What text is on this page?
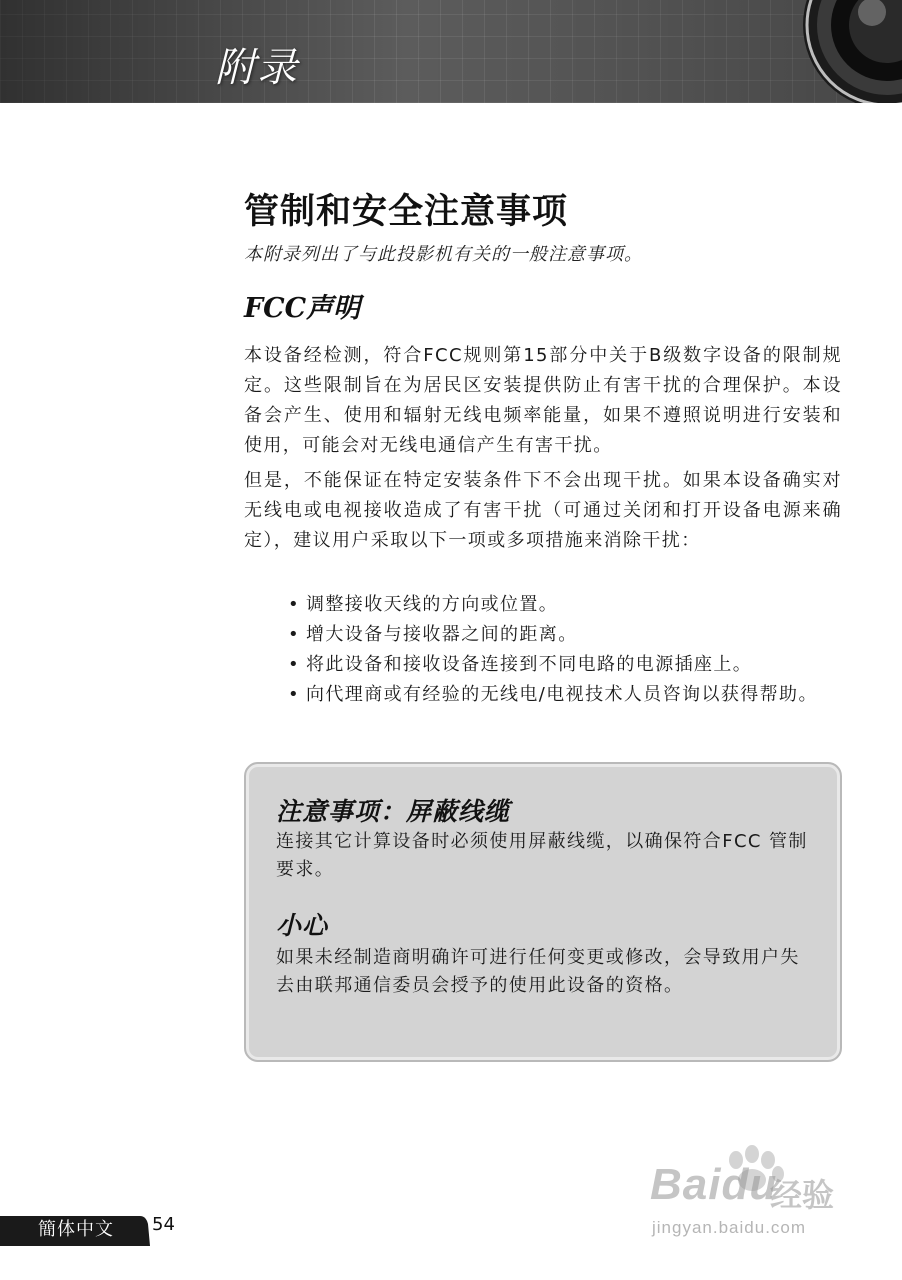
附录
管制和安全注意事项
本附录列出了与此投影机有关的一般注意事项。
FCC声明
本设备经检测，符合FCC规则第15部分中关于B级数字设备的限制规定。这些限制旨在为居民区安装提供防止有害干扰的合理保护。本设备会产生、使用和辐射无线电频率能量，如果不遵照说明进行安装和使用，可能会对无线电通信产生有害干扰。
但是，不能保证在特定安装条件下不会出现干扰。如果本设备确实对无线电或电视接收造成了有害干扰（可通过关闭和打开设备电源来确定），建议用户采取以下一项或多项措施来消除干扰：
• 调整接收天线的方向或位置。
• 增大设备与接收器之间的距离。
• 将此设备和接收设备连接到不同电路的电源插座上。
• 向代理商或有经验的无线电/电视技术人员咨询以获得帮助。
注意事项：屏蔽线缆
连接其它计算设备时必须使用屏蔽线缆，以确保符合FCC 管制要求。
小心
如果未经制造商明确许可进行任何变更或修改，会导致用户失去由联邦通信委员会授予的使用此设备的资格。
Baidu
经验
jingyan.baidu.com
簡体中文 54
